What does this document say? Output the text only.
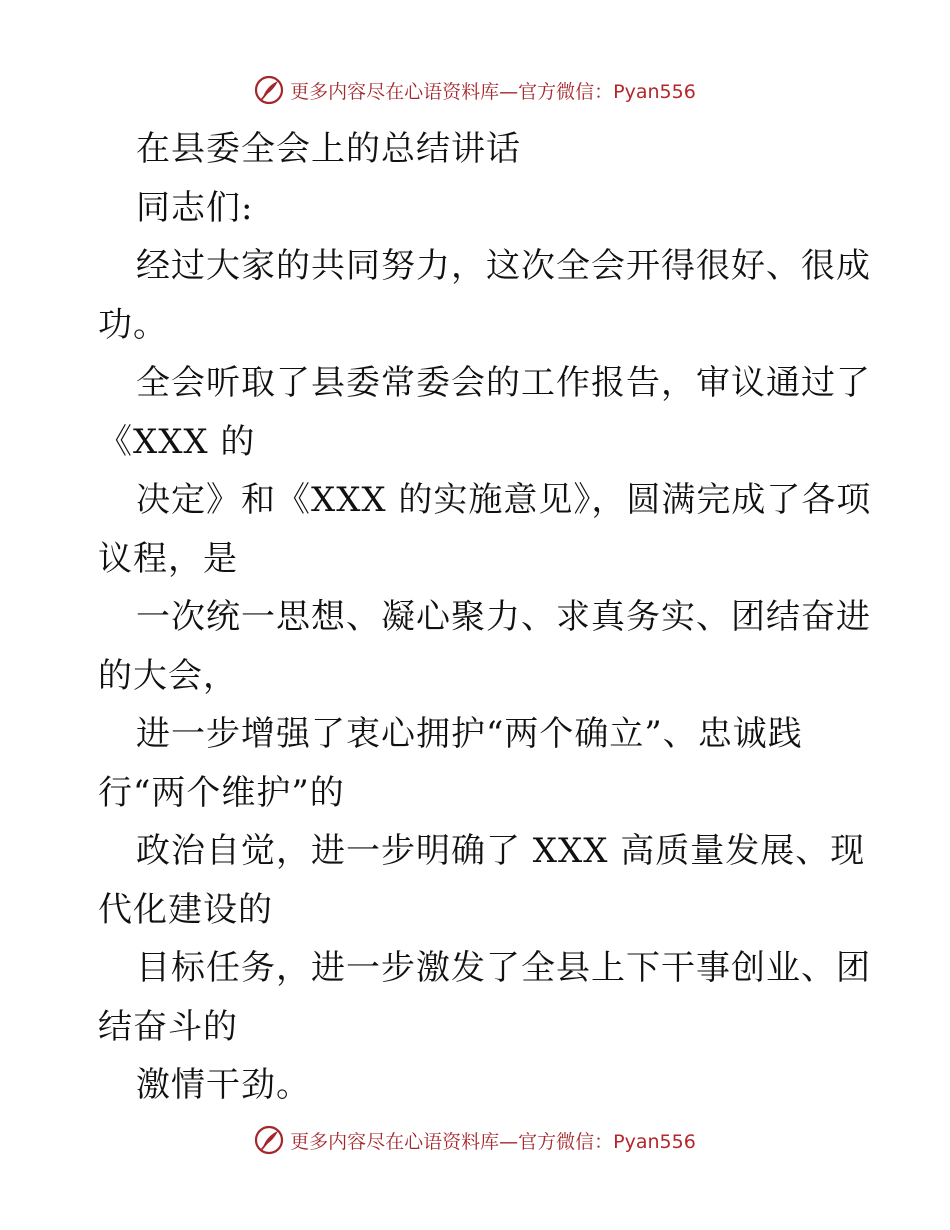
更多内容尽在心语资料库—官方微信：Pyan556
在县委全会上的总结讲话
同志们:
经过大家的共同努力，这次全会开得很好、很成
功。
全会听取了县委常委会的工作报告，审议通过了
《XXX 的
决定》和《XXX 的实施意见》，圆满完成了各项
议程，是
一次统一思想、凝心聚力、求真务实、团结奋进
的大会，
进一步增强了衷心拥护“两个确立”、忠诚践
行“两个维护”的
政治自觉，进一步明确了 XXX 高质量发展、现
代化建设的
目标任务，进一步激发了全县上下干事创业、团
结奋斗的
激情干劲。
更多内容尽在心语资料库—官方微信：Pyan556
